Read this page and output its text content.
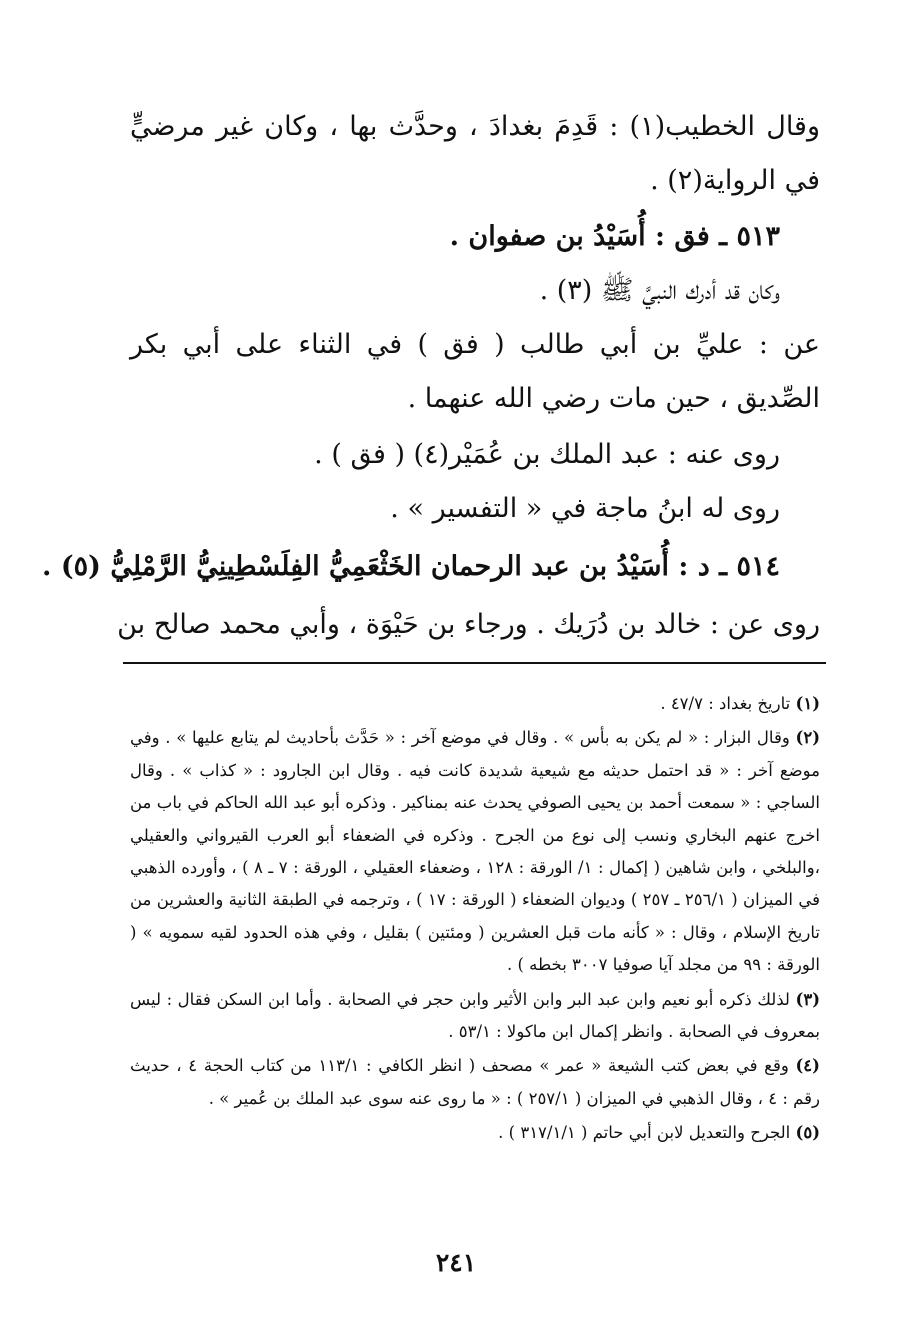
وقال الخطيب(١) : قَدِمَ بغدادَ ، وحدَّث بها ، وكان غير مرضيٍّ في الرواية(٢) .
٥١٣ ـ فق : أُسَيْدُ بن صفوان .
وكان قد أدرك النبيَّ ﷺ (٣) .
عن : عليِّ بن أبي طالب ( فق ) في الثناء على أبي بكر الصِّديق ، حين مات رضي الله عنهما .
روى عنه : عبد الملك بن عُمَيْر(٤) ( فق ) .
روى له ابنُ ماجة في « التفسير » .
٥١٤ ـ د : أُسَيْدُ بن عبد الرحمان الخَثْعَمِيُّ الفِلَسْطِينِيُّ الرَّمْلِيُّ (٥) .
روى عن : خالد بن دُرَيك . ورجاء بن حَيْوَة ، وأبي محمد صالح بن
(١) تاريخ بغداد : ٤٧/٧ .
(٢) وقال البزار : « لم يكن به بأس » . وقال في موضع آخر : « حَدَّث بأحاديث لم يتابع عليها » . وفي موضع آخر : « قد احتمل حديثه مع شيعية شديدة كانت فيه . وقال ابن الجارود : « كذاب » . وقال الساجي : « سمعت أحمد بن يحيى الصوفي يحدث عنه بمناكير . وذكره أبو عبد الله الحاكم في باب من اخرج عنهم البخاري ونسب إلى نوع من الجرح . وذكره في الضعفاء أبو العرب القيرواني والعقيلي ،والبلخي ، وابن شاهين ( إكمال : ١/ الورقة : ١٢٨ ، وضعفاء العقيلي ، الورقة : ٧ ـ ٨ ) ، وأورده الذهبي في الميزان ( ٢٥٦/١ ـ ٢٥٧ ) وديوان الضعفاء ( الورقة : ١٧ ) ، وترجمه في الطبقة الثانية والعشرين من تاريخ الإسلام ، وقال : « كأنه مات قبل العشرين ( ومئتين ) بقليل ، وفي هذه الحدود لقيه سمويه » ( الورقة : ٩٩ من مجلد آيا صوفيا ٣٠٠٧ بخطه ) .
(٣) لذلك ذكره أبو نعيم وابن عبد البر وابن الأثير وابن حجر في الصحابة . وأما ابن السكن فقال : ليس بمعروف في الصحابة . وانظر إكمال ابن ماكولا : ٥٣/١ .
(٤) وقع في بعض كتب الشيعة « عمر » مصحف ( انظر الكافي : ١١٣/١ من كتاب الحجة ٤ ، حديث رقم : ٤ ، وقال الذهبي في الميزان ( ٢٥٧/١ ) : « ما روى عنه سوى عبد الملك بن عُمير » .
(٥) الجرح والتعديل لابن أبي حاتم ( ٣١٧/١/١ ) .
٢٤١
